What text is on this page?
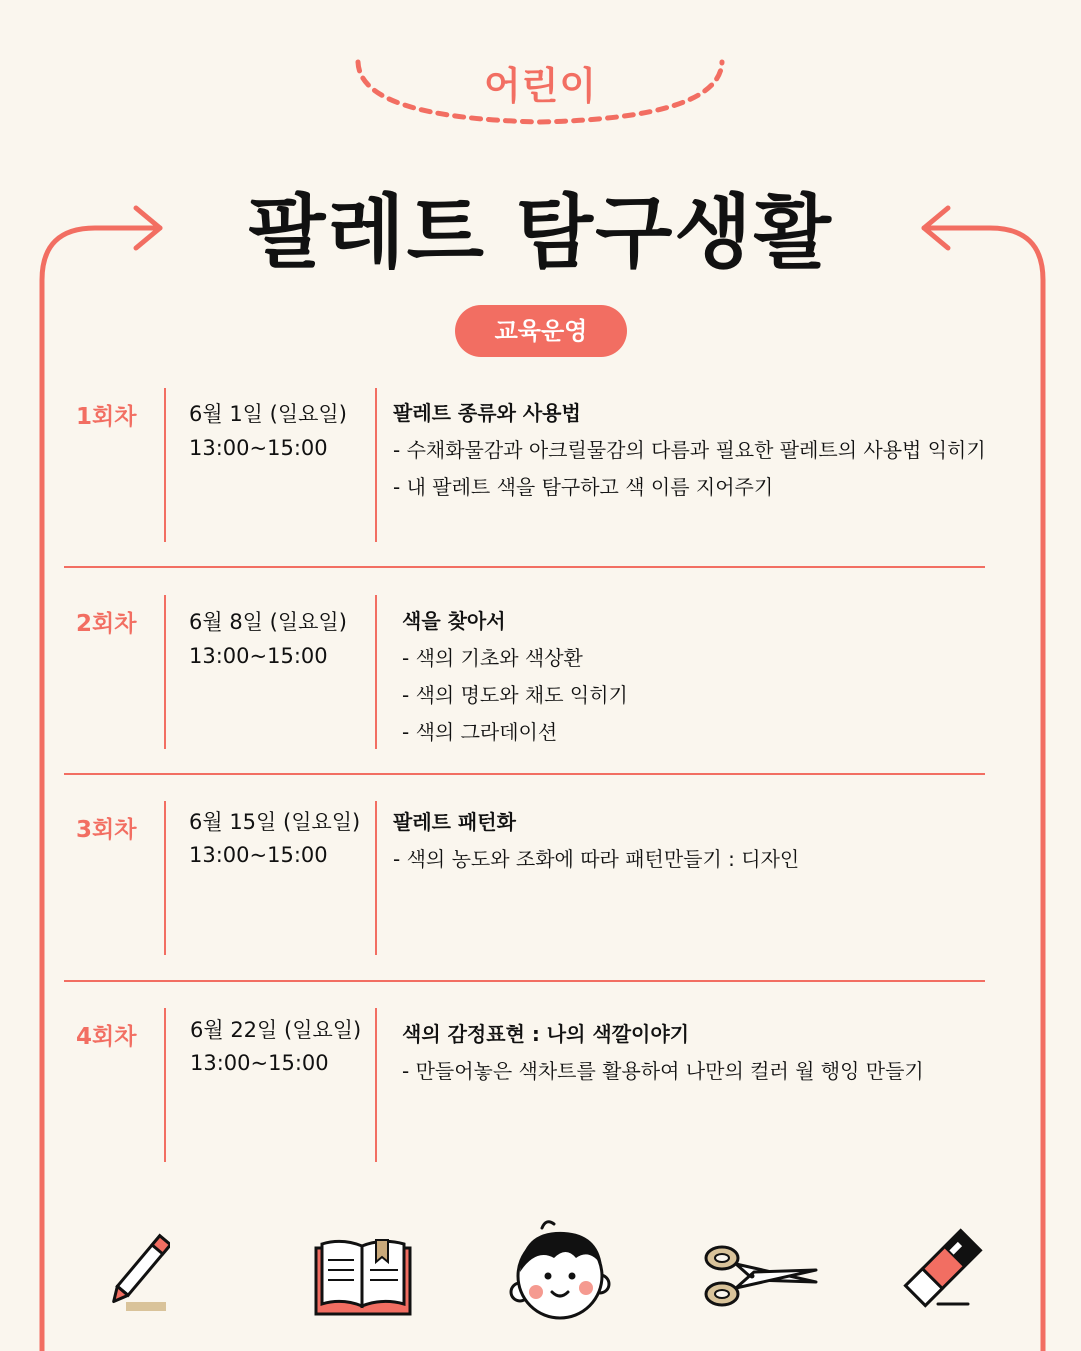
어린이
팔레트 탐구생활
교육운영
1회차	6월 1일 (일요일)
13:00~15:00
팔레트 종류와 사용법
- 수채화물감과 아크릴물감의 다름과 필요한 팔레트의 사용법 익히기
- 내 팔레트 색을 탐구하고 색 이름 지어주기
2회차	6월 8일 (일요일)
13:00~15:00
색을 찾아서
- 색의 기초와 색상환
- 색의 명도와 채도 익히기
- 색의 그라데이션
3회차	6월 15일 (일요일)
13:00~15:00
팔레트 패턴화
- 색의 농도와 조화에 따라 패턴만들기 : 디자인
4회차	6월 22일 (일요일)
13:00~15:00
색의 감정표현 : 나의 색깔이야기
- 만들어놓은 색차트를 활용하여 나만의 컬러 월 행잉 만들기
